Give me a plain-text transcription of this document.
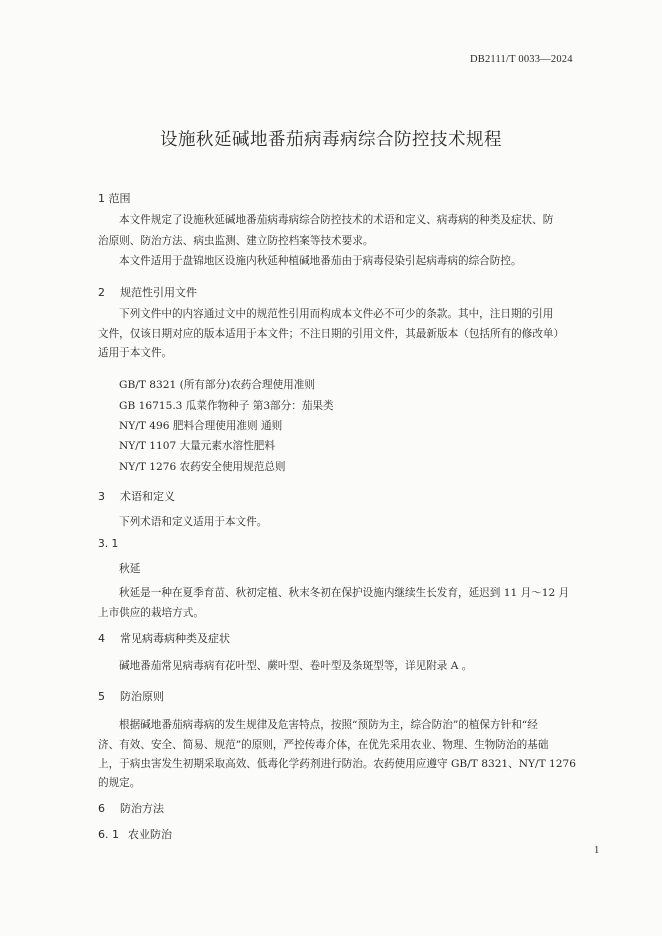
DB2111/T 0033—2024
设施秋延碱地番茄病毒病综合防控技术规程
1 范围
本文件规定了设施秋延碱地番茄病毒病综合防控技术的术语和定义、病毒病的种类及症状、防
治原则、防治方法、病虫监测、建立防控档案等技术要求。
本文件适用于盘锦地区设施内秋延种植碱地番茄由于病毒侵染引起病毒病的综合防控。
2 规范性引用文件
下列文件中的内容通过文中的规范性引用而构成本文件必不可少的条款。其中，注日期的引用
文件，仅该日期对应的版本适用于本文件；不注日期的引用文件，其最新版本（包括所有的修改单）
适用于本文件。
GB/T 8321 (所有部分)农药合理使用准则
GB 16715.3 瓜菜作物种子 第3部分：茄果类
NY/T 496 肥料合理使用准则 通则
NY/T 1107 大量元素水溶性肥料
NY/T 1276 农药安全使用规范总则
3 术语和定义
下列术语和定义适用于本文件。
3. 1
秋延
秋延是一种在夏季育苗、秋初定植、秋末冬初在保护设施内继续生长发育，延迟到 11 月～12 月
上市供应的栽培方式。
4 常见病毒病种类及症状
碱地番茄常见病毒病有花叶型、蕨叶型、卷叶型及条斑型等，详见附录 A 。
5 防治原则
根据碱地番茄病毒病的发生规律及危害特点，按照“预防为主，综合防治”的植保方针和“经
济、有效、安全、简易、规范”的原则，严控传毒介体，在优先采用农业、物理、生物防治的基础
上，于病虫害发生初期采取高效、低毒化学药剂进行防治。农药使用应遵守 GB/T 8321、NY/T 1276
的规定。
6 防治方法
6. 1 农业防治
1
